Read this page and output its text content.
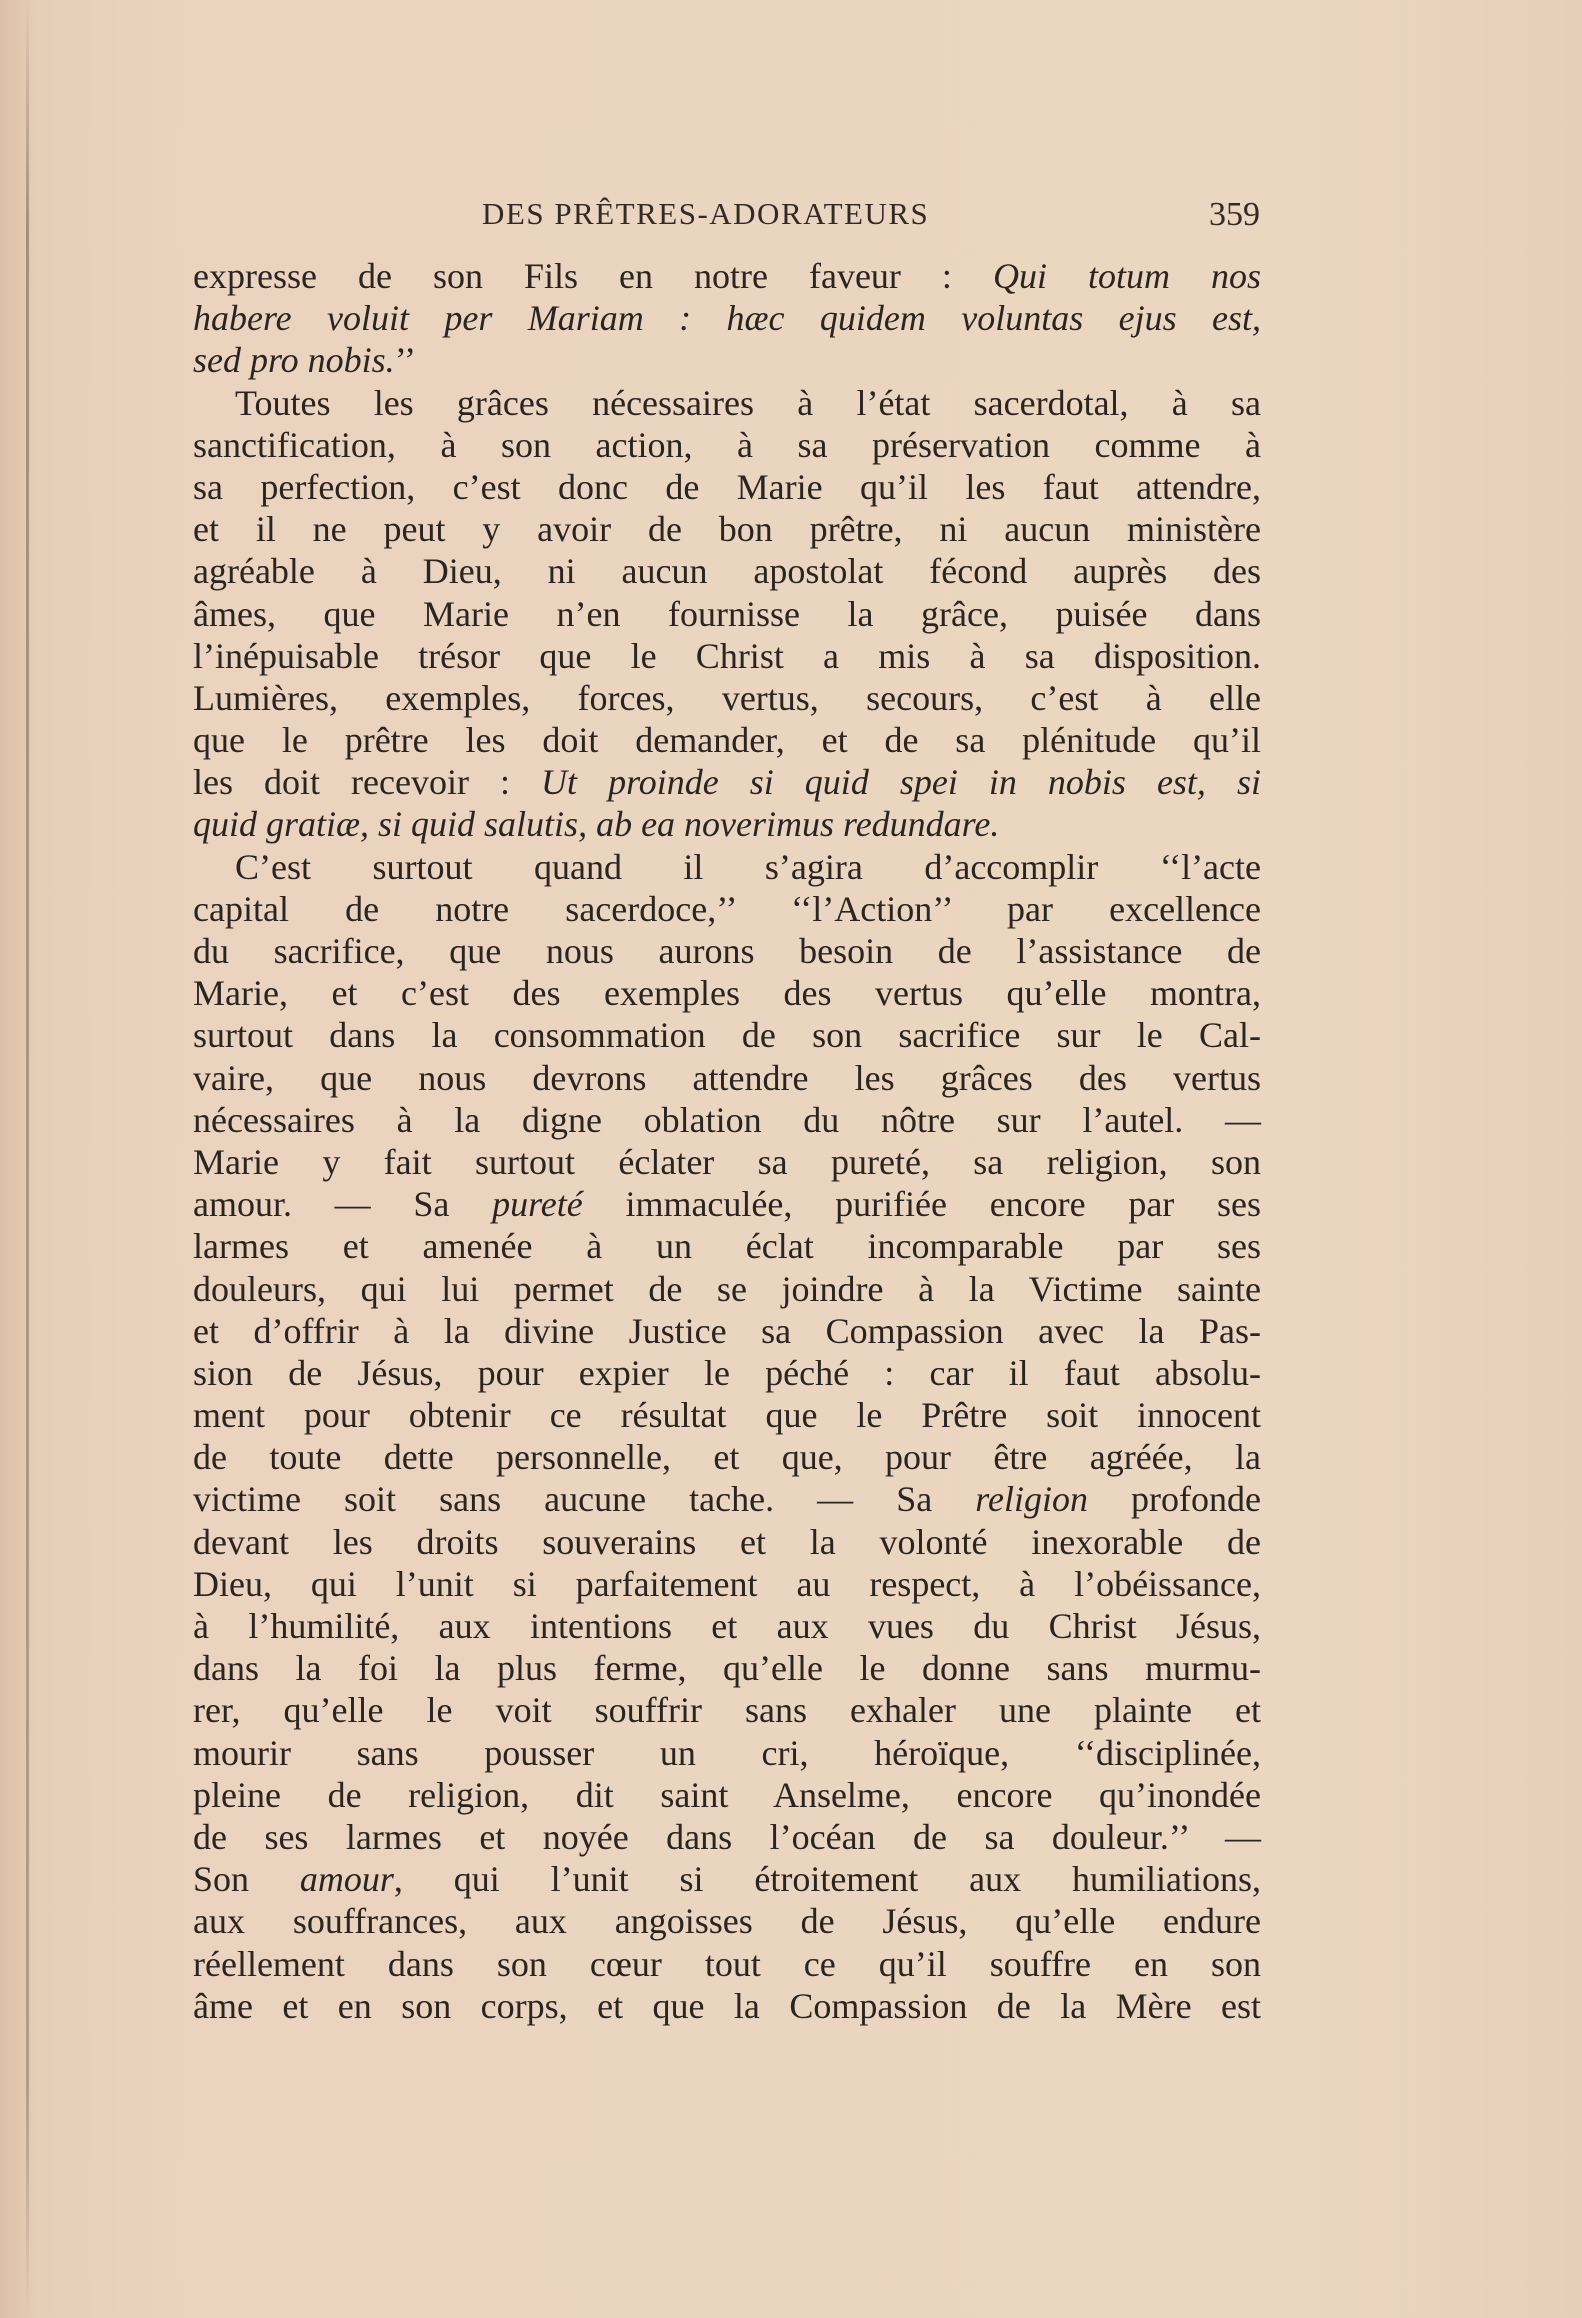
DES PRÊTRES-ADORATEURS	359
expresse de son Fils en notre faveur : Qui totum nos
habere voluit per Mariam : hæc quidem voluntas ejus est,
sed pro nobis.’’
Toutes les grâces nécessaires à l’état sacerdotal, à sa
sanctification, à son action, à sa préservation comme à
sa perfection, c’est donc de Marie qu’il les faut attendre,
et il ne peut y avoir de bon prêtre, ni aucun ministère
agréable à Dieu, ni aucun apostolat fécond auprès des
âmes, que Marie n’en fournisse la grâce, puisée dans
l’inépuisable trésor que le Christ a mis à sa disposition.
Lumières, exemples, forces, vertus, secours, c’est à elle
que le prêtre les doit demander, et de sa plénitude qu’il
les doit recevoir : Ut proinde si quid spei in nobis est, si
quid gratiæ, si quid salutis, ab ea noverimus redundare.
C’est surtout quand il s’agira d’accomplir ‘‘l’acte
capital de notre sacerdoce,’’ ‘‘l’Action’’ par excellence
du sacrifice, que nous aurons besoin de l’assistance de
Marie, et c’est des exemples des vertus qu’elle montra,
surtout dans la consommation de son sacrifice sur le Cal-
vaire, que nous devrons attendre les grâces des vertus
nécessaires à la digne oblation du nôtre sur l’autel. —
Marie y fait surtout éclater sa pureté, sa religion, son
amour. — Sa pureté immaculée, purifiée encore par ses
larmes et amenée à un éclat incomparable par ses
douleurs, qui lui permet de se joindre à la Victime sainte
et d’offrir à la divine Justice sa Compassion avec la Pas-
sion de Jésus, pour expier le péché : car il faut absolu-
ment pour obtenir ce résultat que le Prêtre soit innocent
de toute dette personnelle, et que, pour être agréée, la
victime soit sans aucune tache. — Sa religion profonde
devant les droits souverains et la volonté inexorable de
Dieu, qui l’unit si parfaitement au respect, à l’obéissance,
à l’humilité, aux intentions et aux vues du Christ Jésus,
dans la foi la plus ferme, qu’elle le donne sans murmu-
rer, qu’elle le voit souffrir sans exhaler une plainte et
mourir sans pousser un cri, héroïque, ‘‘disciplinée,
pleine de religion, dit saint Anselme, encore qu’inondée
de ses larmes et noyée dans l’océan de sa douleur.’’ —
Son amour, qui l’unit si étroitement aux humiliations,
aux souffrances, aux angoisses de Jésus, qu’elle endure
réellement dans son cœur tout ce qu’il souffre en son
âme et en son corps, et que la Compassion de la Mère est
